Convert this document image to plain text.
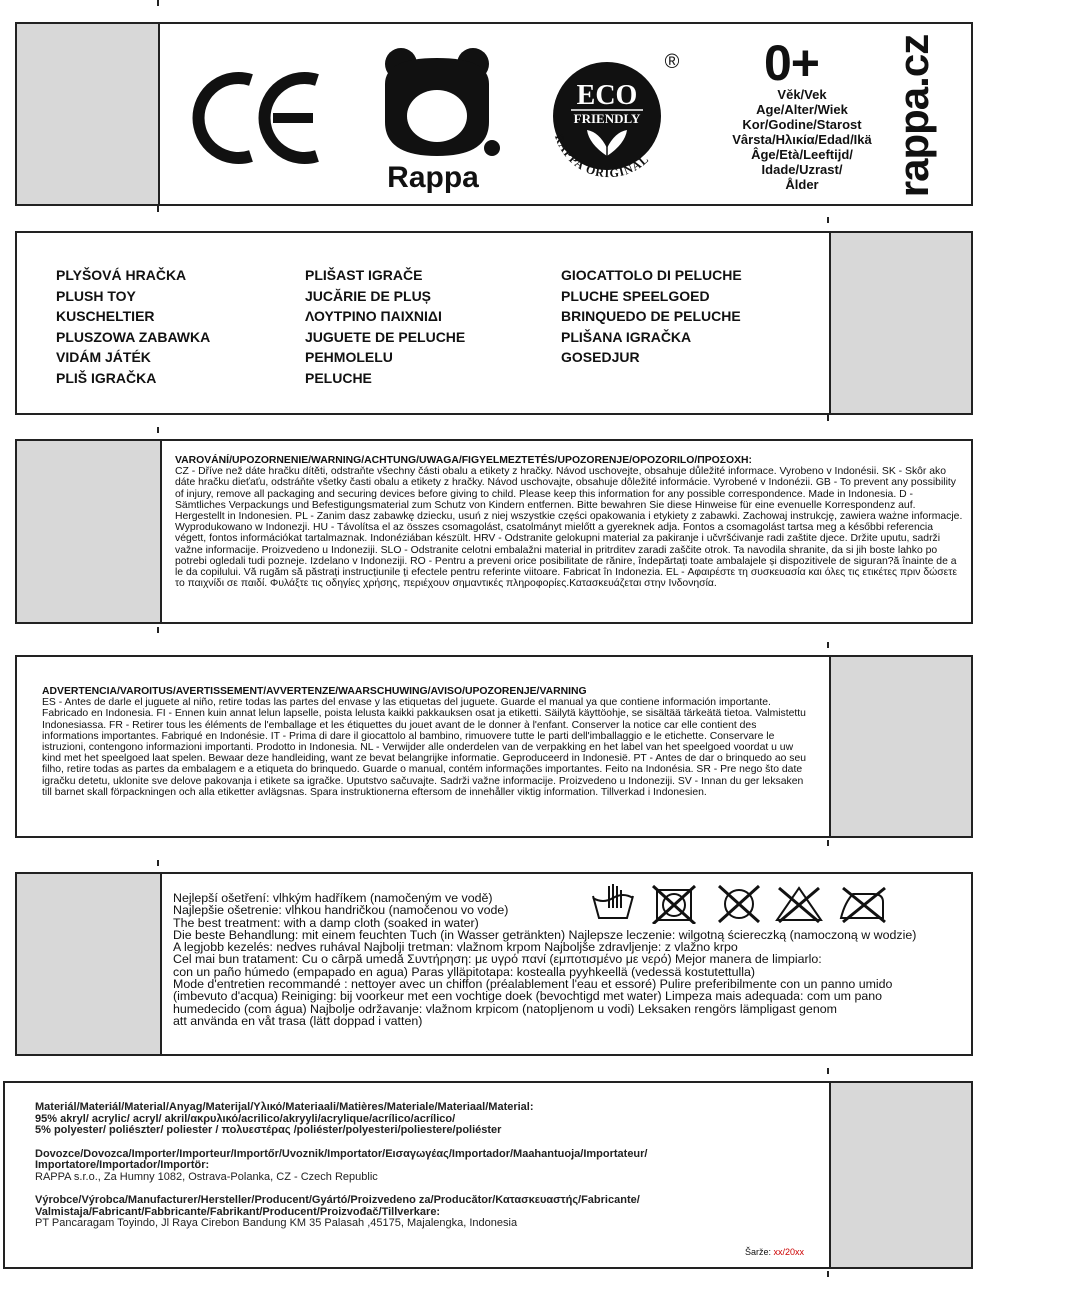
CE
Rappa
ECO
FRIENDLY
RAPPA ORIGINAL
® 0+
Věk/Vek
Age/Alter/Wiek
Kor/Godine/Starost
Vârsta/Ηλικία/Edad/Ikä
Âge/Età/Leeftijd/
Idade/Uzrast/
Ålder	rappa.cz
PLYŠOVÁ HRAČKA
PLUSH TOY
KUSCHELTIER
PLUSZOWA ZABAWKA
VIDÁM JÁTÉK
PLIŠ IGRAČKA
PLIŠAST IGRAČE
JUCĂRIE DE PLUȘ
ΛΟΥΤΡΙΝΟ ΠΑΙΧΝΙΔΙ
JUGUETE DE PELUCHE
PEHMOLELU
PELUCHE
GIOCATTOLO DI PELUCHE
PLUCHE SPEELGOED
BRINQUEDO DE PELUCHE
PLIŠANA IGRAČKA
GOSEDJUR

VAROVÁNÍ/UPOZORNENIE/WARNING/ACHTUNG/UWAGA/FIGYELMEZTETÉS/UPOZORENJE/OPOZORILO/ΠΡΟΣΟΧΗ:

CZ - Dříve než dáte hračku dítěti, odstraňte všechny části obalu a etikety z hračky. Návod uschovejte, obsahuje důležité informace. Vyrobeno v Indonésii. SK - Skôr ako dáte hračku dieťaťu, odstráňte všetky časti obalu a etikety z hračky. Návod uschovajte, obsahuje dôležité informácie. Vyrobené v Indonézii. GB - To prevent any possibility of injury, remove all packaging and securing devices before giving to child. Please keep this information for any possible correspondence. Made in Indonesia. D - Sämtliches Verpackungs und Befestigungsmaterial zum Schutz von Kindern entfernen. Bitte bewahren Sie diese Hinweise für eine evenuelle Korrespondenz auf. Hergestellt in Indonesien. PL - Zanim dasz zabawkę dziecku, usuń z niej wszystkie części opakowania i etykiety z zabawki. Zachowaj instrukcję, zawiera ważne informacje. Wyprodukowano w Indonezji. HU - Távolítsa el az összes csomagolást, csatolmányt mielőtt a gyereknek adja. Fontos a csomagolást tartsa meg a későbbi referencia végett, fontos információkat tartalmaznak. Indonéziában készült. HRV - Odstranite gelokupni material za pakiranje i učvršćivanje radi zaštite djece. Držite uputu, sadrži važne informacije. Proizvedeno u Indoneziji. SLO - Odstranite celotni embalažni material in pritrditev zaradi zaščite otrok. Ta navodila shranite, da si jih boste lahko po potrebi ogledali tudi pozneje. Izdelano v Indoneziji. RO - Pentru a preveni orice posibilitate de rănire, îndepărtați toate ambalajele și dispozitivele de siguran?ă înainte de a le da copilului. Vă rugăm să păstrați instrucțiunile ți efectele pentru referinte viitoare. Fabricat în Indonezia. EL - Αφαιρέστε τη συσκευασία και όλες τις ετικέτες πριν δώσετε το παιχνίδι σε παιδί. Φυλάξτε τις οδηγίες χρήσης, περιέχουν σημαντικές πληροφορίες.Κατασκευάζεται στην Ινδονησία.

ADVERTENCIA/VAROITUS/AVERTISSEMENT/AVVERTENZE/WAARSCHUWING/AVISO/UPOZORENJE/VARNING

ES - Antes de darle el juguete al niño, retire todas las partes del envase y las etiquetas del juguete. Guarde el manual ya que contiene información importante. Fabricado en Indonesia. FI - Ennen kuin annat lelun lapselle, poista lelusta kaikki pakkauksen osat ja etiketti. Säilytä käyttöohje, se sisältää tärkeätä tietoa. Valmistettu Indonesiassa. FR - Retirer tous les éléments de l'emballage et les étiquettes du jouet avant de le donner à l'enfant. Conserver la notice car elle contient des informations importantes. Fabriqué en Indonésie. IT - Prima di dare il giocattolo al bambino, rimuovere tutte le parti dell'imballaggio e le etichette. Conservare le istruzioni, contengono informazioni importanti. Prodotto in Indonesia. NL - Verwijder alle onderdelen van de verpakking en het label van het speelgoed voordat u uw kind met het speelgoed laat spelen. Bewaar deze handleiding, want ze bevat belangrijke informatie. Geproduceerd in Indonesië. PT - Antes de dar o brinquedo ao seu filho, retire todas as partes da embalagem e a etiqueta do brinquedo. Guarde o manual, contém informações importantes. Feito na Indonésia. SR - Pre nego što date igračku detetu, uklonite sve delove pakovanja i etikete sa igračke. Uputstvo sačuvajte. Sadrži važne informacije. Proizvedeno u Indoneziji. SV - Innan du ger leksaken till barnet skall förpackningen och alla etiketter avlägsnas. Spara instruktionerna eftersom de innehåller viktig information. Tillverkad i Indonesien.

Nejlepší ošetření: vlhkým hadříkem (namočeným ve vodě)
Najlepšie ošetrenie: vlhkou handričkou (namočenou vo vode)
The best treatment: with a damp cloth (soaked in water)
Die beste Behandlung: mit einem feuchten Tuch (in Wasser getränkten) Najlepsze leczenie: wilgotną ściereczką (namoczoną w wodzie)
A legjobb kezelés: nedves ruhával Najbolji tretman: vlažnom krpom Najboljše zdravljenje: z vlažno krpo
Cel mai bun tratament: Cu o cârpă umedă Συντήρηση: με υγρό πανί (εμποτισμένο με νερό) Mejor manera de limpiarlo:
con un paño húmedo (empapado en agua) Paras ylläpitotapa: kostealla pyyhkeellä (vedessä kostutettulla)
Mode d'entretien recommandé : nettoyer avec un chiffon (préalablement l'eau et essoré) Pulire preferibilmente con un panno umido
(imbevuto d'acqua) Reiniging: bij voorkeur met een vochtige doek (bevochtigd met water) Limpeza mais adequada: com um pano
humedecido (com água) Najbolje održavanje: vlažnom krpicom (natopljenom u vodi) Leksaken rengörs lämpligast genom
att använda en våt trasa (lätt doppad i vatten)
Materiál/Materiál/Material/Anyag/Materijal/Υλικό/Materiaali/Matières/Materiale/Materiaal/Material:
95% akryl/ acrylic/ acryl/ akril/ακρυλικό/acrilico/akryyli/acrylique/acrílico/acrílico/
5% polyester/ poliészter/ poliester / πολυεστέρας /poliéster/polyesteri/poliestere/poliéster
Dovozce/Dovozca/Importer/Importeur/Importőr/Uvoznik/Importator/Εισαγωγέας/Importador/Maahantuoja/Importateur/
Importatore/Importador/Importör:
RAPPA s.r.o., Za Humny 1082, Ostrava-Polanka, CZ - Czech Republic
Výrobce/Výrobca/Manufacturer/Hersteller/Producent/Gyártó/Proizvedeno za/Producător/Κατασκευαστής/Fabricante/
Valmistaja/Fabricant/Fabbricante/Fabrikant/Producent/Proizvođač/Tillverkare:
PT Pancaragam Toyindo, Jl Raya Cirebon Bandung KM 35 Palasah ,45175, Majalengka, Indonesia
Šarže: xx/20xx
